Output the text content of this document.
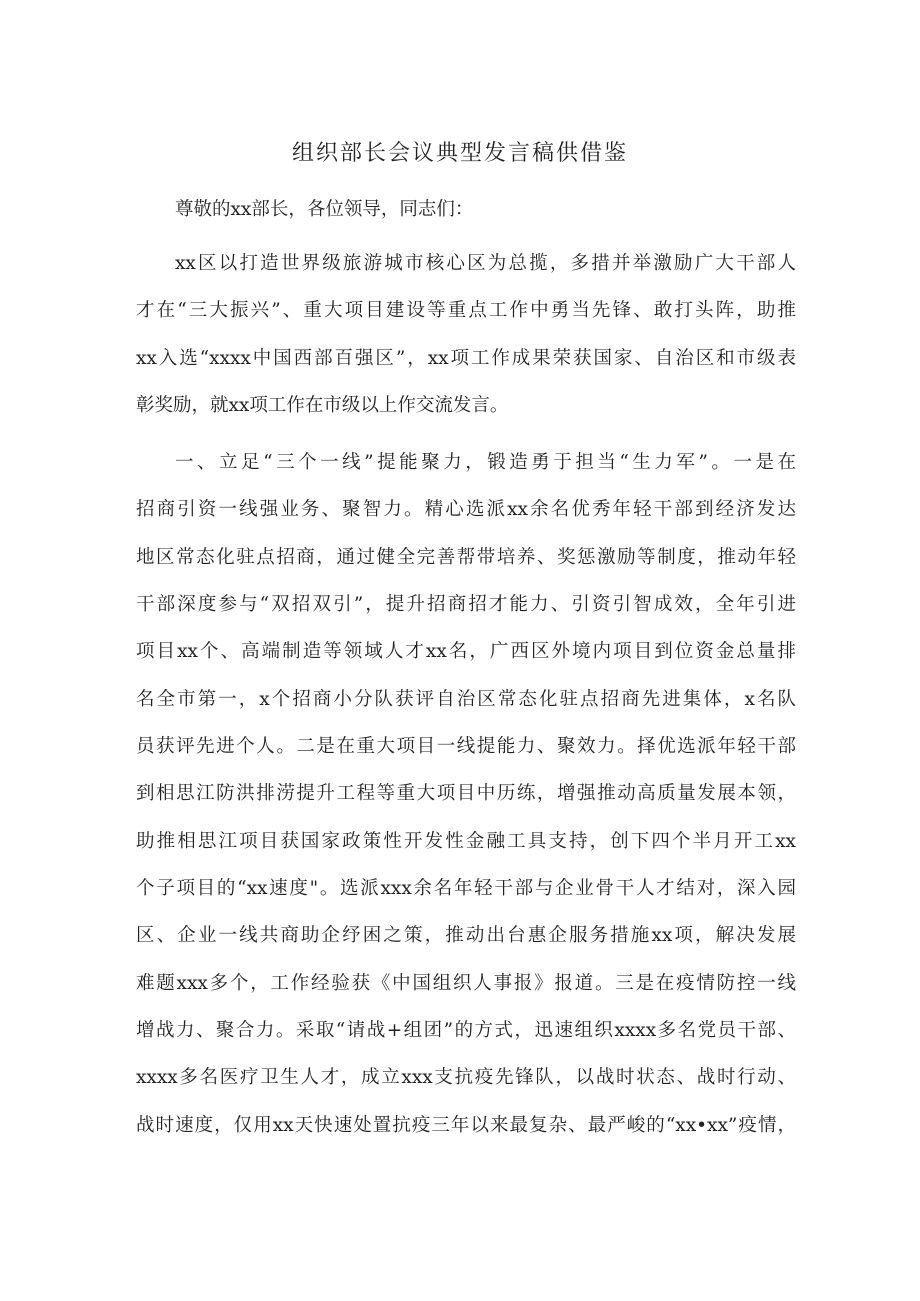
组织部长会议典型发言稿供借鉴
尊敬的xx部长，各位领导，同志们：
xx区以打造世界级旅游城市核心区为总揽，多措并举激励广大干部人
才在“三大振兴”、重大项目建设等重点工作中勇当先锋、敢打头阵，助推
xx入选“xxxx中国西部百强区”，xx项工作成果荣获国家、自治区和市级表
彰奖励，就xx项工作在市级以上作交流发言。
一、立足“三个一线”提能聚力，锻造勇于担当“生力军”。一是在
招商引资一线强业务、聚智力。精心选派xx余名优秀年轻干部到经济发达
地区常态化驻点招商，通过健全完善帮带培养、奖惩激励等制度，推动年轻
干部深度参与“双招双引”，提升招商招才能力、引资引智成效，全年引进
项目xx个、高端制造等领域人才xx名，广西区外境内项目到位资金总量排
名全市第一，x个招商小分队获评自治区常态化驻点招商先进集体，x名队
员获评先进个人。二是在重大项目一线提能力、聚效力。择优选派年轻干部
到相思江防洪排涝提升工程等重大项目中历练，增强推动高质量发展本领，
助推相思江项目获国家政策性开发性金融工具支持，创下四个半月开工xx
个子项目的“xx速度"。选派xxx余名年轻干部与企业骨干人才结对，深入园
区、企业一线共商助企纾困之策，推动出台惠企服务措施xx项，解决发展
难题xxx多个，工作经验获《中国组织人事报》报道。三是在疫情防控一线
增战力、聚合力。采取“请战+组团”的方式，迅速组织xxxx多名党员干部、
xxxx多名医疗卫生人才，成立xxx支抗疫先锋队，以战时状态、战时行动、
战时速度，仅用xx天快速处置抗疫三年以来最复杂、最严峻的“xx•xx”疫情，
